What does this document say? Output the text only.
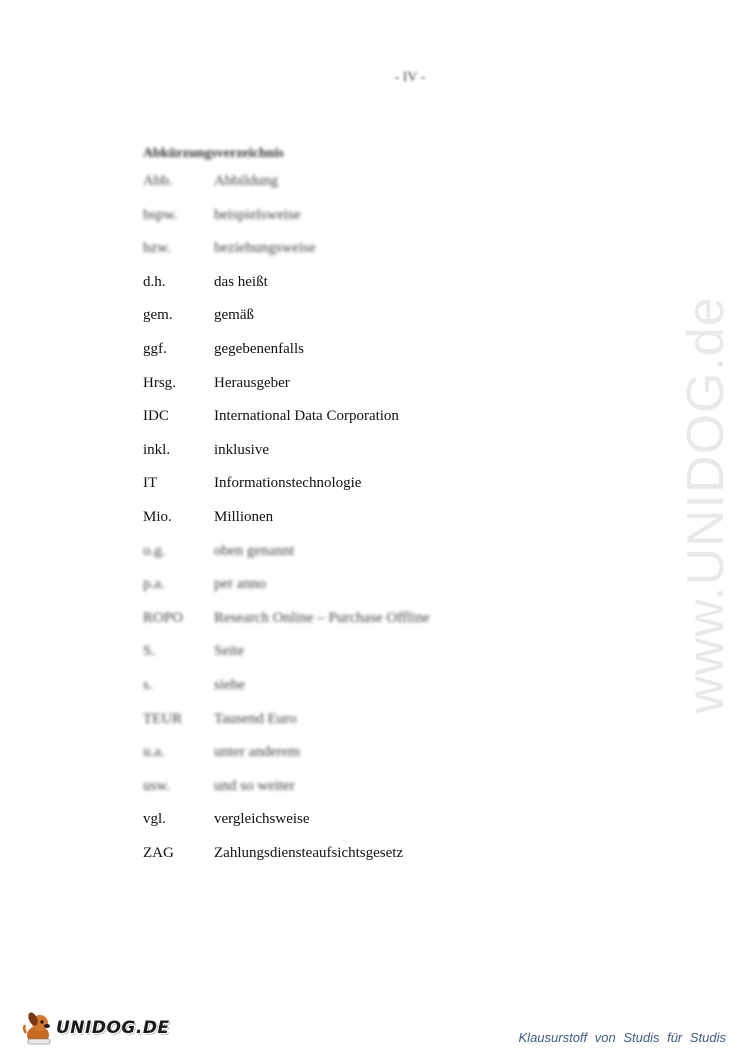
- IV -
Abkürzungsverzeichnis
Abb.	Abbildung
bspw.	beispielsweise
bzw.	beziehungsweise
d.h.	das heißt
gem.	gemäß
ggf.	gegebenenfalls
Hrsg.	Herausgeber
IDC	International Data Corporation
inkl.	inklusive
IT	Informationstechnologie
Mio.	Millionen
o.g.	oben genannt
p.a.	per anno
ROPO	Research Online – Purchase Offline
S.	Seite
s.	siehe
TEUR	Tausend Euro
u.a.	unter anderem
usw.	und so weiter
vgl.	vergleichsweise
ZAG	Zahlungsdiensteaufsichtsgesetz
www.UNIDOG.de
UNIDOG.DE	Klausurstoff von Studis für Studis
